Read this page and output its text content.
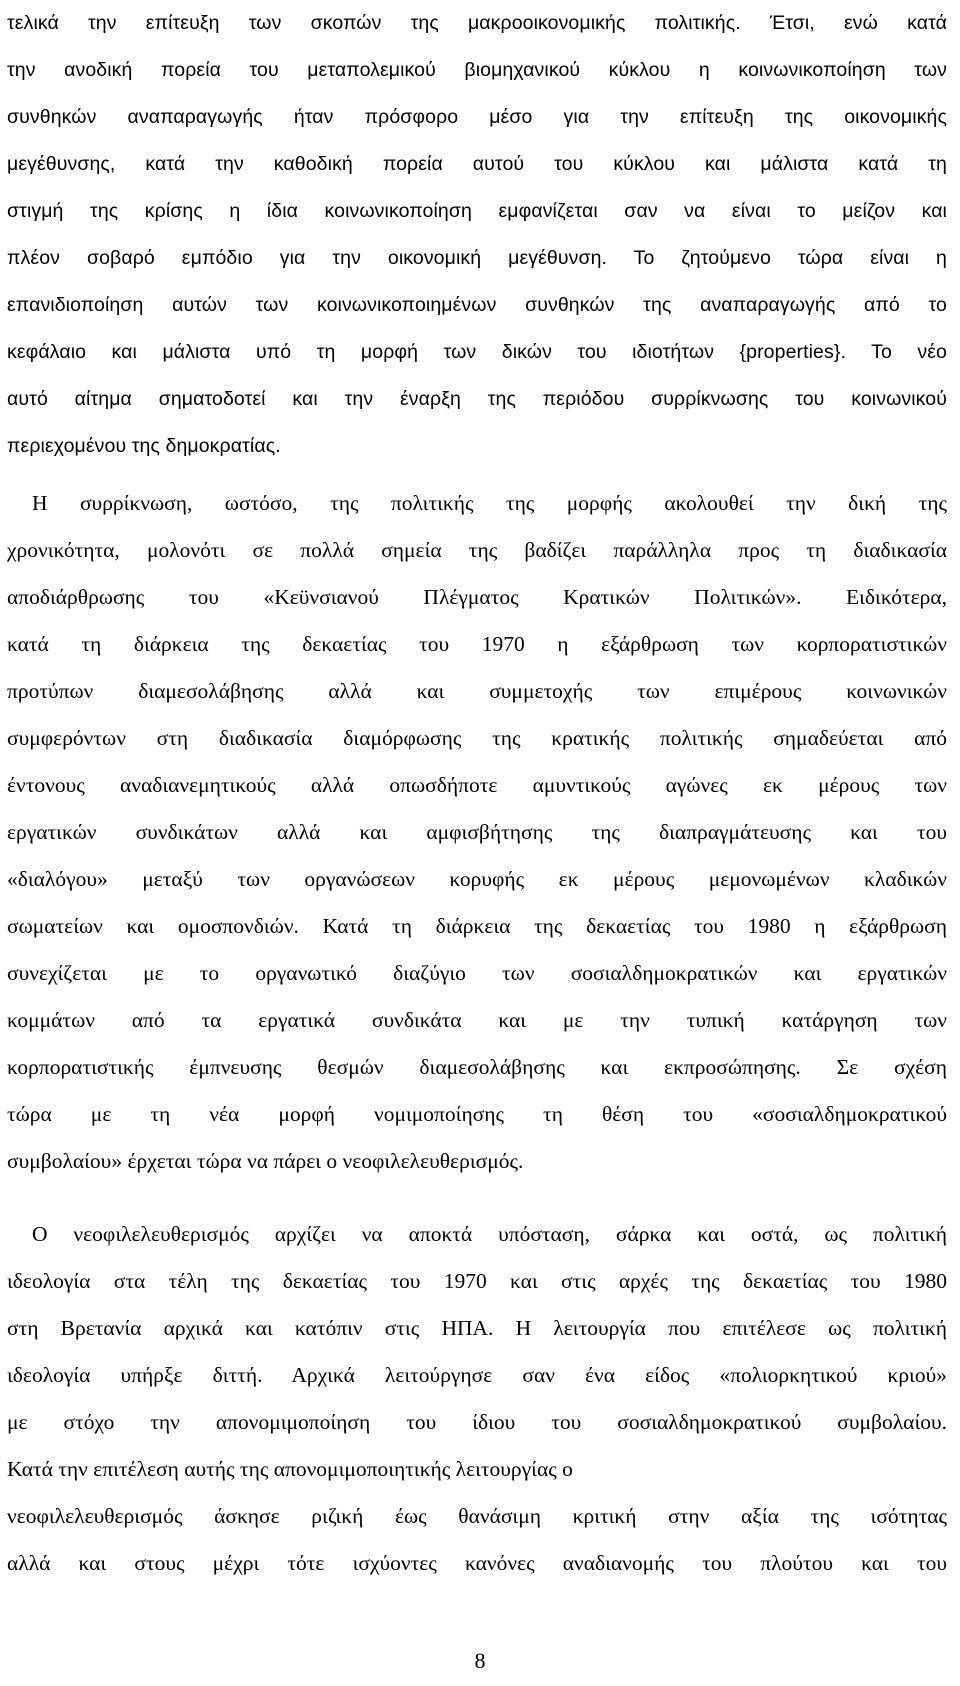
τελικά την επίτευξη των σκοπών της μακροοικονομικής πολιτικής. Έτσι, ενώ κατά
την ανοδική πορεία του μεταπολεμικού βιομηχανικού κύκλου η κοινωνικοποίηση των
συνθηκών αναπαραγωγής ήταν πρόσφορο μέσο για την επίτευξη της οικονομικής
μεγέθυνσης, κατά την καθοδική πορεία αυτού του κύκλου και μάλιστα κατά τη
στιγμή της κρίσης η ίδια κοινωνικοποίηση εμφανίζεται σαν να είναι το μείζον και
πλέον σοβαρό εμπόδιο για την οικονομική μεγέθυνση. Το ζητούμενο τώρα είναι η
επανιδιοποίηση αυτών των κοινωνικοποιημένων συνθηκών της αναπαραγωγής από το
κεφάλαιο και μάλιστα υπό τη μορφή των δικών του ιδιοτήτων {properties}. Το νέο
αυτό αίτημα σηματοδοτεί και την έναρξη της περιόδου συρρίκνωσης του κοινωνικού
περιεχομένου της δημοκρατίας.
Η συρρίκνωση, ωστόσο, της πολιτικής της μορφής ακολουθεί την δική της
χρονικότητα, μολονότι σε πολλά σημεία της βαδίζει παράλληλα προς τη διαδικασία
αποδιάρθρωσης του «Κεϋνσιανού Πλέγματος Κρατικών Πολιτικών». Ειδικότερα,
κατά τη διάρκεια της δεκαετίας του 1970 η εξάρθρωση των κορπορατιστικών
προτύπων διαμεσολάβησης αλλά και συμμετοχής των επιμέρους κοινωνικών
συμφερόντων στη διαδικασία διαμόρφωσης της κρατικής πολιτικής σημαδεύεται από
έντονους αναδιανεμητικούς αλλά οπωσδήποτε αμυντικούς αγώνες εκ μέρους των
εργατικών συνδικάτων αλλά και αμφισβήτησης της διαπραγμάτευσης και του
«διαλόγου» μεταξύ των οργανώσεων κορυφής εκ μέρους μεμονωμένων κλαδικών
σωματείων και ομοσπονδιών. Κατά τη διάρκεια της δεκαετίας του 1980 η εξάρθρωση
συνεχίζεται με το οργανωτικό διαζύγιο των σοσιαλδημοκρατικών και εργατικών
κομμάτων από τα εργατικά συνδικάτα και με την τυπική κατάργηση των
κορπορατιστικής έμπνευσης θεσμών διαμεσολάβησης και εκπροσώπησης. Σε σχέση
τώρα με τη νέα μορφή νομιμοποίησης τη θέση του «σοσιαλδημοκρατικού
συμβολαίου» έρχεται τώρα να πάρει ο νεοφιλελευθερισμός.
Ο νεοφιλελευθερισμός αρχίζει να αποκτά υπόσταση, σάρκα και οστά, ως πολιτική
ιδεολογία στα τέλη της δεκαετίας του 1970 και στις αρχές της δεκαετίας του 1980
στη Βρετανία αρχικά και κατόπιν στις ΗΠΑ. Η λειτουργία που επιτέλεσε ως πολιτική
ιδεολογία υπήρξε διττή. Αρχικά λειτούργησε σαν ένα είδος «πολιορκητικού κριού»
με στόχο την απονομιμοποίηση του ίδιου του σοσιαλδημοκρατικού συμβολαίου.
Κατά την επιτέλεση αυτής της απονομιμοποιητικής λειτουργίας ο
νεοφιλελευθερισμός άσκησε ριζική έως θανάσιμη κριτική στην αξία της ισότητας
αλλά και στους μέχρι τότε ισχύοντες κανόνες αναδιανομής του πλούτου και του
8
